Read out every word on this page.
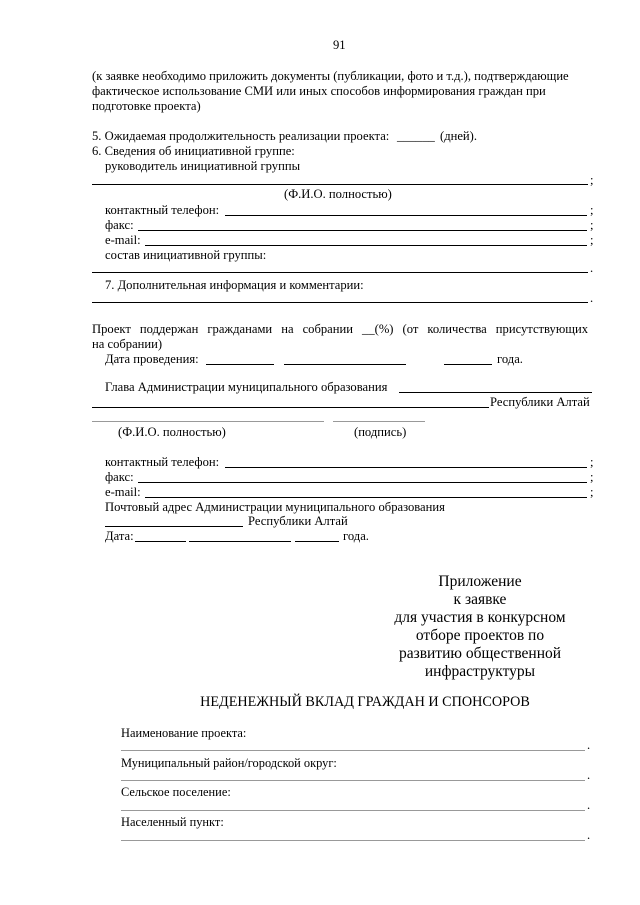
91
(к заявке необходимо приложить документы (публикации, фото и т.д.), подтверждающие
фактическое использование СМИ или иных способов информирования граждан при
подготовке проекта)
5. Ожидаемая продолжительность реализации проекта: ______ (дней).
6. Сведения об инициативной группе:
руководитель инициативной группы
;
(Ф.И.О. полностью)
контактный телефон:	;
факс:	;
e-mail:	;
состав инициативной группы:
.
7. Дополнительная информация и комментарии:
.
Проект поддержан гражданами на собрании __(%) (от количества присутствующих
на собрании)
Дата проведения:	года.
Глава Администрации муниципального образования
Республики Алтай
(Ф.И.О. полностью)	(подпись)
контактный телефон:	;
факс:	;
e-mail:	;
Почтовый адрес Администрации муниципального образования
Республики Алтай
Дата:	года.
Приложение
к заявке
для участия в конкурсном
отборе проектов по
развитию общественной
инфраструктуры
НЕДЕНЕЖНЫЙ ВКЛАД ГРАЖДАН И СПОНСОРОВ
Наименование проекта:
.
Муниципальный район/городской округ:
.
Сельское поселение:
.
Населенный пункт:
.
